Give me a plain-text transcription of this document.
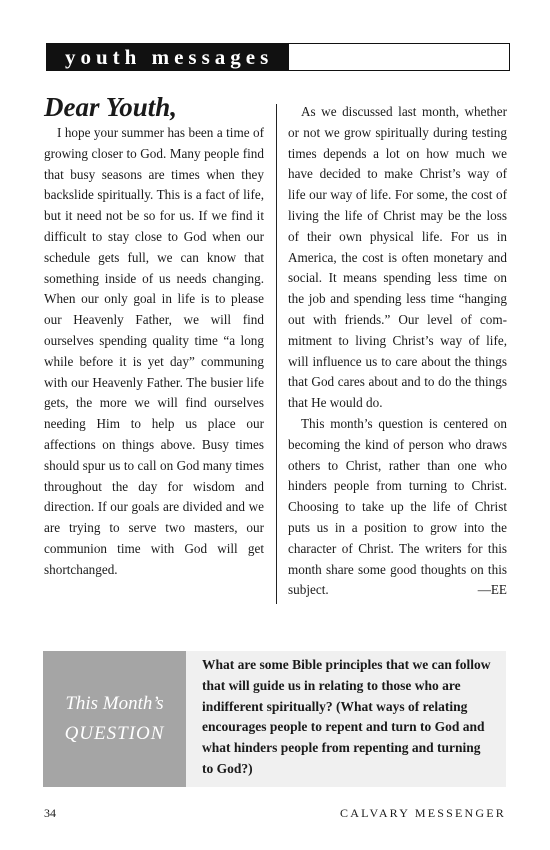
youth messages
Dear Youth,

I hope your summer has been a time of growing closer to God. Many people find that busy seasons are times when they backslide spiritually. This is a fact of life, but it need not be so for us. If we find it difficult to stay close to God when our schedule gets full, we can know that something inside of us needs changing. When our only goal in life is to please our Heavenly Father, we will find ourselves spending quality time “a long while before it is yet day” communing with our Heavenly Father. The busier life gets, the more we will find ourselves needing Him to help us place our affections on things above. Busy times should spur us to call on God many times throughout the day for wisdom and direction. If our goals are divided and we are trying to serve two masters, our communion time with God will get shortchanged.

As we discussed last month, whether or not we grow spiritually during testing times depends a lot on how much we have decided to make Christ’s way of life our way of life. For some, the cost of living the life of Christ may be the loss of their own physical life. For us in America, the cost is often monetary and social. It means spending less time on the job and spending less time “hanging out with friends.” Our level of commitment to living Christ’s way of life, will influence us to care about the things that God cares about and to do the things that He would do.

This month’s question is centered on becoming the kind of person who draws others to Christ, rather than one who hinders people from turning to Christ. Choosing to take up the life of Christ puts us in a position to grow into the character of Christ. The writers for this month share some good thoughts on this subject.	—EE

This Month’s
QUESTION
What are some Bible principles that we can follow that will guide us in relating to those who are indifferent spiritually? (What ways of relating encourages people to repent and turn to God and what hinders people from repenting and turning to God?)
34	CALVARY MESSENGER
